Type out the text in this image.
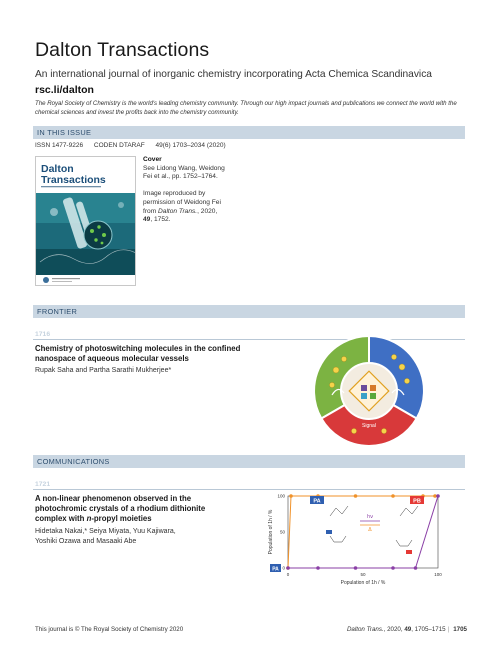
Dalton Transactions
An international journal of inorganic chemistry incorporating Acta Chemica Scandinavica
rsc.li/dalton
The Royal Society of Chemistry is the world's leading chemistry community. Through our high impact journals and publications we connect the world with the chemical sciences and invest the profits back into the chemistry community.
IN THIS ISSUE
ISSN 1477-9226 CODEN DTARAF 49(6) 1703–2034 (2020)
Dalton
Transactions

Cover

See Lidong Wang, Weidong Fei et al., pp. 1752–1764.

Image reproduced by permission of Weidong Fei from Dalton Trans., 2020, 49, 1752.

FRONTIER
1716
Chemistry of photoswitching molecules in the confined nanospace of aqueous molecular vessels
Rupak Saha and Partha Sarathi Mukherjee*
Signal
COMMUNICATIONS
1721
A non-linear phenomenon observed in the
photochromic crystals of a rhodium dithionite
complex with n-propyl moieties
Hidetaka Nakai,* Seiya Miyata, Yuu Kajiwara,
Yoshiki Ozawa and Masaaki Abe
PA	PB
hν
Δ
PA
Population of 1h / %
Population of 1h / %
0	50	100
0
50
100
This journal is © The Royal Society of Chemistry 2020	Dalton Trans., 2020, 49, 1705–1715 | 1705
